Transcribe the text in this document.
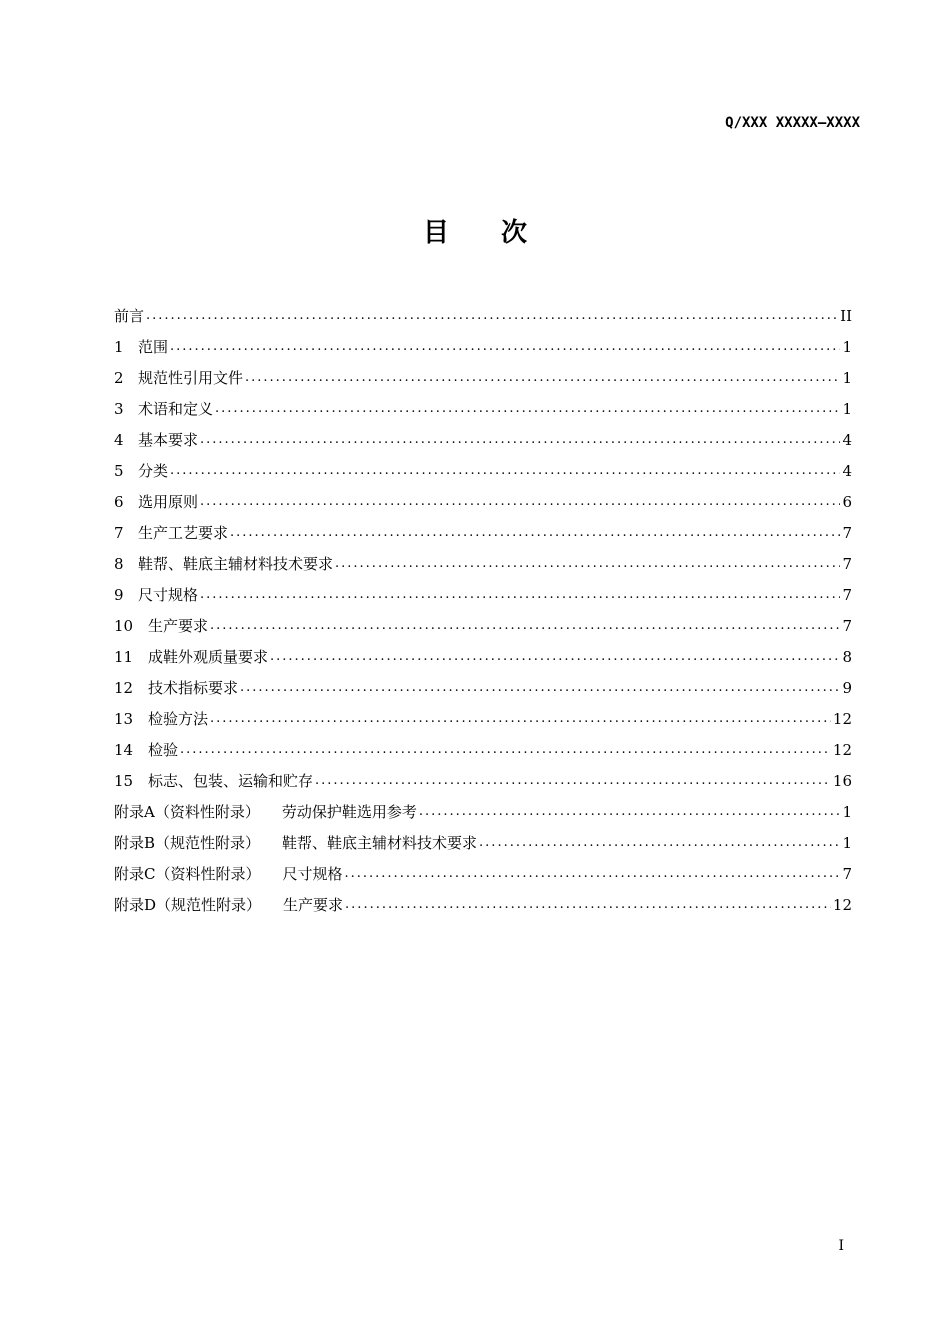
Q/XXX XXXXX—XXXX
目 次
前言 .....	II
1 范围 .....	1
2 规范性引用文件 .....	1
3 术语和定义 .....	1
4 基本要求 .....	4
5 分类 .....	4
6 选用原则 .....	6
7 生产工艺要求 .....	7
8 鞋帮、鞋底主辅材料技术要求 .....	7
9 尺寸规格 .....	7
10 生产要求 .....	7
11 成鞋外观质量要求 .....	8
12 技术指标要求 .....	9
13 检验方法 .....	12
14 检验 .....	12
15 标志、包装、运输和贮存 .....	16
附录A（资料性附录） 劳动保护鞋选用参考 .....	1
附录B（规范性附录） 鞋帮、鞋底主辅材料技术要求 .....	1
附录C（资料性附录） 尺寸规格 .....	7
附录D（规范性附录） 生产要求 .....	12
I
